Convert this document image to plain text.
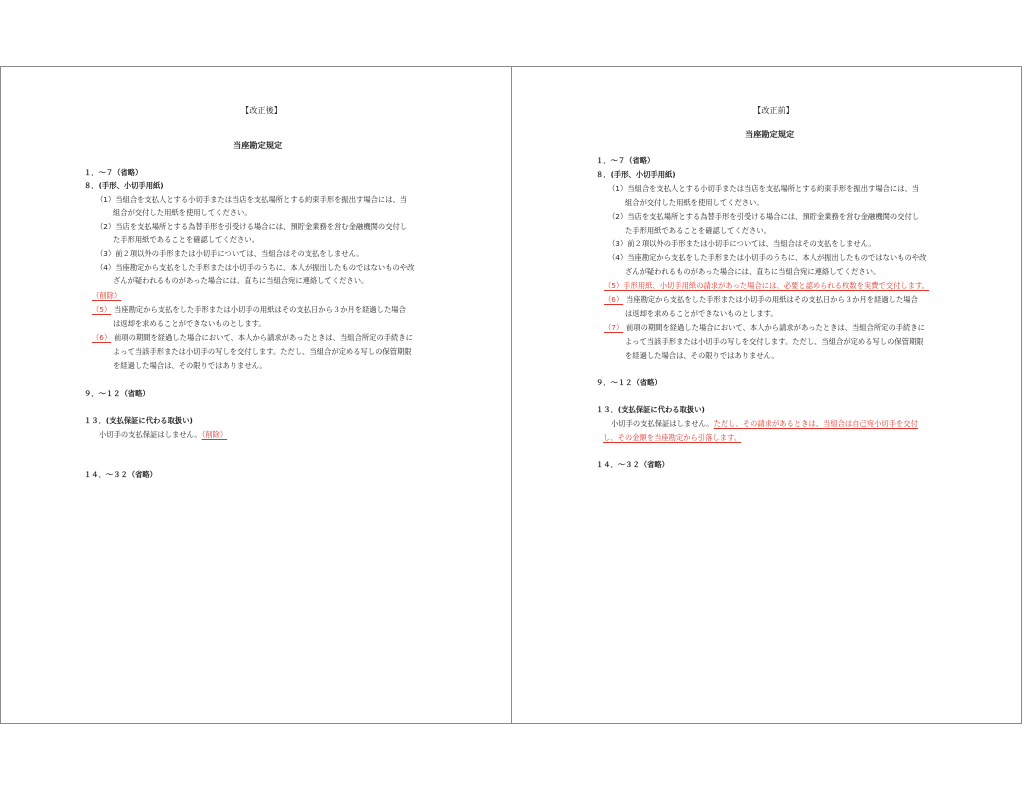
【改正後】
当座勘定規定
１．～７（省略）
８．(手形、小切手用紙)
（1）当組合を支払人とする小切手または当店を支払場所とする約束手形を振出す場合には、当
組合が交付した用紙を使用してください。
（2）当店を支払場所とする為替手形を引受ける場合には、預貯金業務を営む金融機関の交付し
た手形用紙であることを確認してください。
（3）前２項以外の手形または小切手については、当組合はその支払をしません。
（4）当座勘定から支払をした手形または小切手のうちに、本人が振出したものではないものや改
ざんが疑われるものがあった場合には、直ちに当組合宛に連絡してください。
（削除）
（5） 当座勘定から支払をした手形または小切手の用紙はその支払日から３か月を経過した場合
は返却を求めることができないものとします。
（6） 前項の期間を経過した場合において、本人から請求があったときは、当組合所定の手続きに
よって当該手形または小切手の写しを交付します。ただし、当組合が定める写しの保管期限
を経過した場合は、その限りではありません。
９．～１２（省略）
１３．(支払保証に代わる取扱い)
小切手の支払保証はしません。（削除）
１４．～３２（省略）
【改正前】
当座勘定規定
１．～７（省略）
８．(手形、小切手用紙)
（1）当組合を支払人とする小切手または当店を支払場所とする約束手形を振出す場合には、当
組合が交付した用紙を使用してください。
（2）当店を支払場所とする為替手形を引受ける場合には、預貯金業務を営む金融機関の交付し
た手形用紙であることを確認してください。
（3）前２項以外の手形または小切手については、当組合はその支払をしません。
（4）当座勘定から支払をした手形または小切手のうちに、本人が振出したものではないものや改
ざんが疑われるものがあった場合には、直ちに当組合宛に連絡してください。
（5）手形用紙、小切手用紙の請求があった場合には、必要と認められる枚数を実費で交付します。
（6） 当座勘定から支払をした手形または小切手の用紙はその支払日から３か月を経過した場合
は返却を求めることができないものとします。
（7） 前項の期間を経過した場合において、本人から請求があったときは、当組合所定の手続きに
よって当該手形または小切手の写しを交付します。ただし、当組合が定める写しの保管期限
を経過した場合は、その限りではありません。
９．～１２（省略）
１３．(支払保証に代わる取扱い)
小切手の支払保証はしません。ただし、その請求があるときは、当組合は自己宛小切手を交付
し、その金額を当座勘定から引落します。
１４．～３２（省略）
